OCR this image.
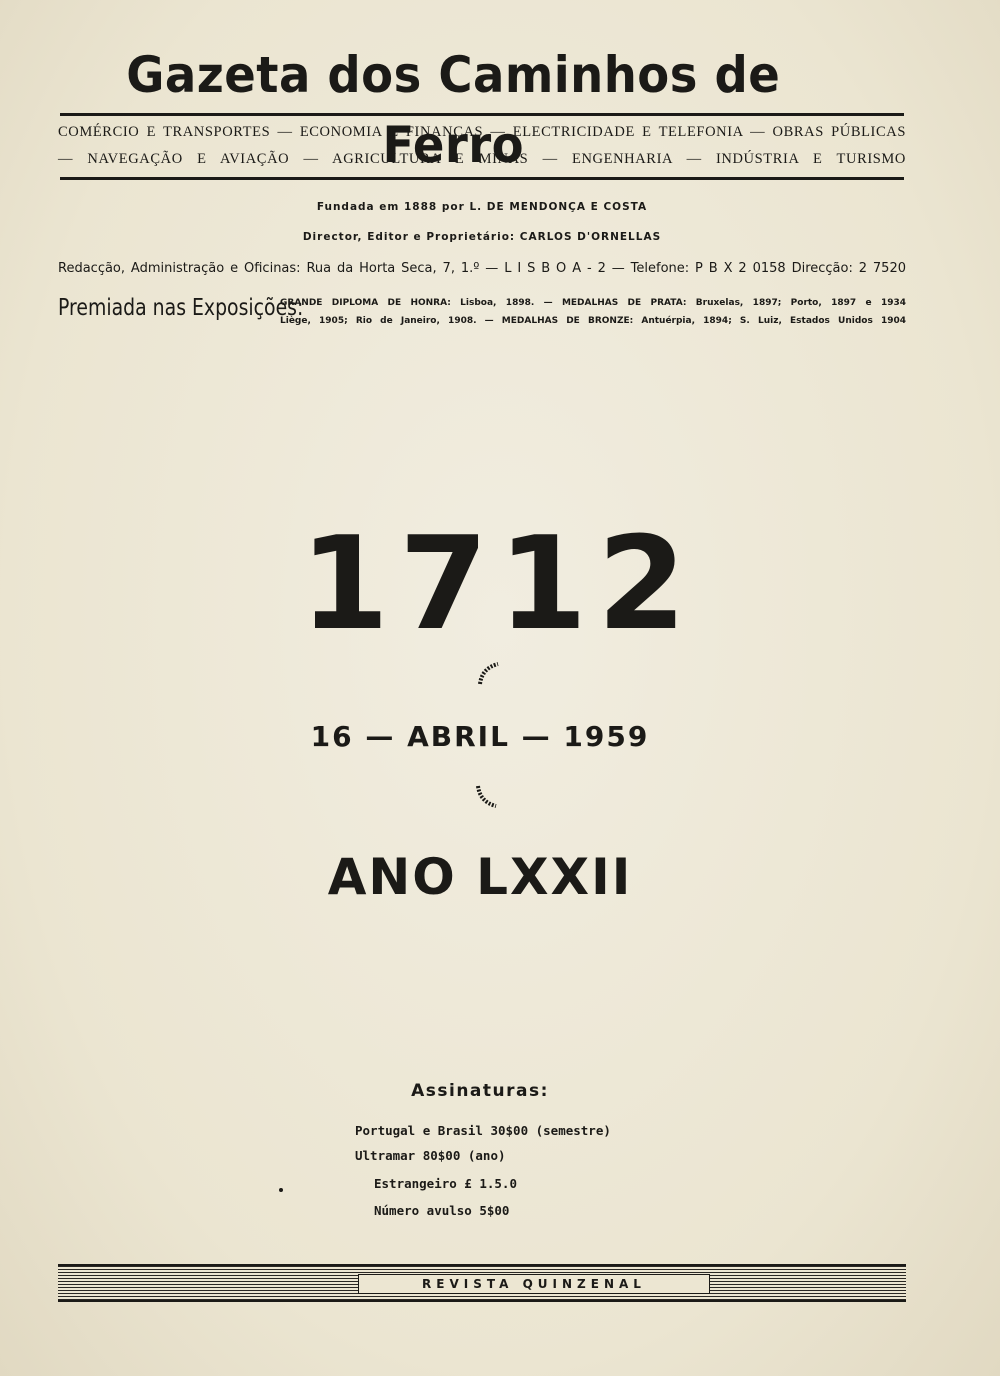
Gazeta dos Caminhos de Ferro
COMÉRCIO E TRANSPORTES — ECONOMIA E FINANÇAS — ELECTRICIDADE E TELEFONIA — OBRAS PÚBLICAS
— NAVEGAÇÃO E AVIAÇÃO — AGRICULTURA E MINAS — ENGENHARIA — INDÚSTRIA E TURISMO
Fundada em 1888 por L. DE MENDONÇA E COSTA
Director, Editor e Proprietário: CARLOS D'ORNELLAS
Redacção, Administração e Oficinas: Rua da Horta Seca, 7, 1.º — L I S B O A - 2 — Telefone: P B X 2 0158 Direcção: 2 7520
Premiada nas Exposições:
GRANDE DIPLOMA DE HONRA: Lisboa, 1898. — MEDALHAS DE PRATA: Bruxelas, 1897; Porto, 1897 e 1934
Liège, 1905; Rio de Janeiro, 1908. — MEDALHAS DE BRONZE: Antuérpia, 1894; S. Luiz, Estados Unidos 1904
1712
16 — ABRIL — 1959
ANO LXXII
Assinaturas:
Portugal e Brasil 30$00 (semestre)
Ultramar 80$00 (ano)
Estrangeiro £ 1.5.0
Número avulso 5$00
REVISTA QUINZENAL
